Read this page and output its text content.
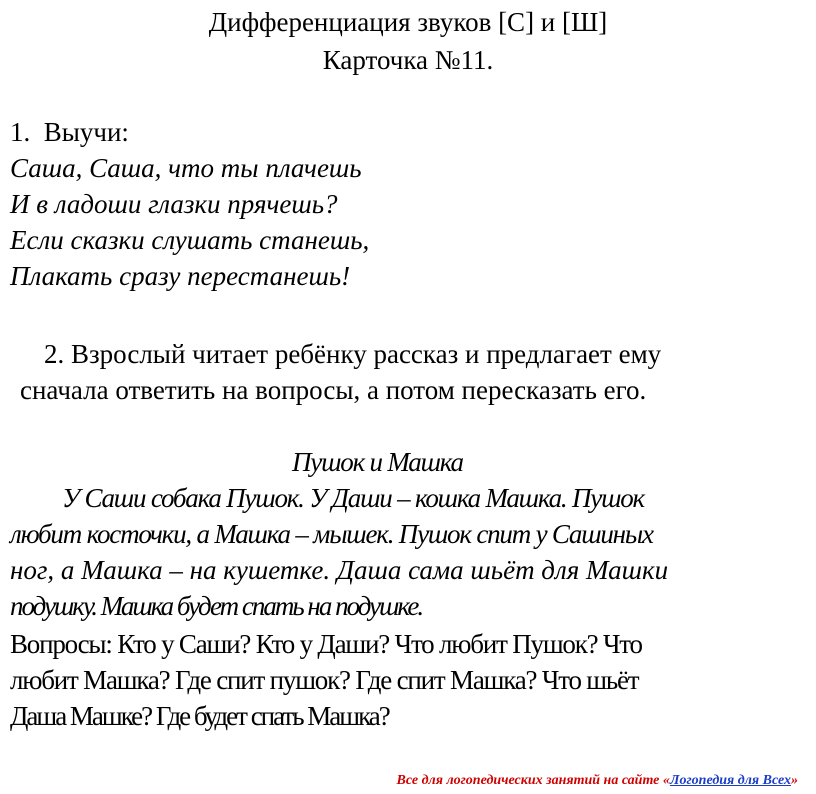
Дифференциация звуков [С] и [Ш]
Карточка №11.
1.  Выучи:
Саша, Саша, что ты плачешь
И в ладоши глазки прячешь?
Если сказки слушать станешь,
Плакать сразу перестанешь!
2. Взрослый читает ребёнку рассказ и предлагает ему
сначала ответить на вопросы, а потом пересказать его.
Пушок и Машка
У Саши собака Пушок. У Даши – кошка Машка. Пушок
любит косточки, а Машка – мышек. Пушок спит у Сашиных
ног, а Машка – на кушетке. Даша сама шьёт для Машки
подушку. Машка будет спать на подушке.
Вопросы: Кто у Саши? Кто у Даши? Что любит Пушок? Что
любит Машка? Где спит пушок? Где спит Машка? Что шьёт
Даша Машке? Где будет спать Машка?
Все для логопедических занятий на сайте «Логопедия для Всех»
